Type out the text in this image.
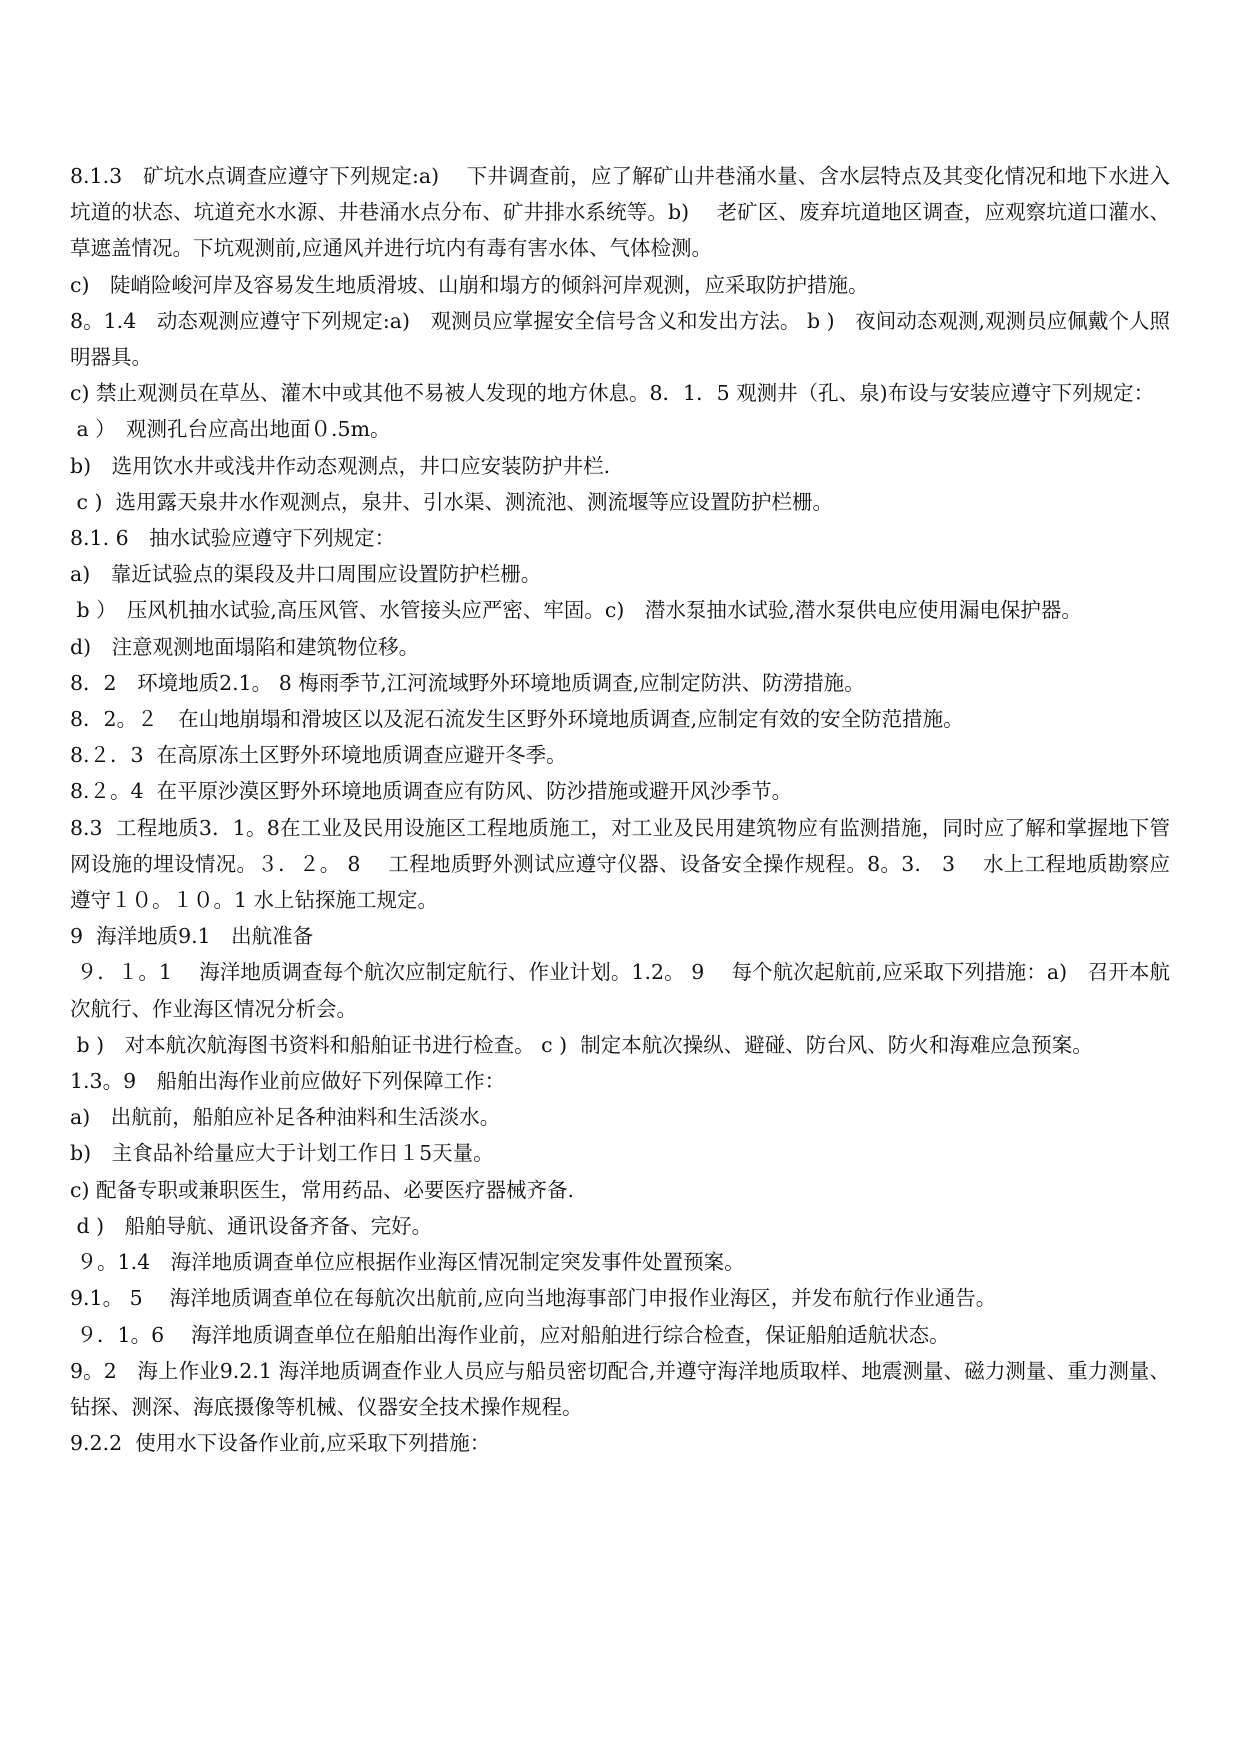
8.1.3　矿坑水点调查应遵守下列规定:a)　 下井调查前，应了解矿山井巷涌水量、含水层特点及其变化情况和地下水进入坑道的状态、坑道充水水源、井巷涌水点分布、矿井排水系统等。b)　 老矿区、废弃坑道地区调查，应观察坑道口灌水、草遮盖情况。下坑观测前,应通风并进行坑内有毒有害水体、气体检测。

c)　陡峭险峻河岸及容易发生地质滑坡、山崩和塌方的倾斜河岸观测，应采取防护措施。

8。1.4　动态观测应遵守下列规定:a)　观测员应掌握安全信号含义和发出方法。 b )　夜间动态观测,观测员应佩戴个人照明器具。

c) 禁止观测员在草丛、灌木中或其他不易被人发现的地方休息。8．1．5 观测井（孔、泉)布设与安装应遵守下列规定：

a ）　观测孔台应高出地面０.5m。

b)　选用饮水井或浅井作动态观测点，井口应安装防护井栏.

c )  选用露天泉井水作观测点，泉井、引水渠、测流池、测流堰等应设置防护栏栅。

8.1. 6　抽水试验应遵守下列规定：

a)　靠近试验点的渠段及井口周围应设置防护栏栅。

b ）　压风机抽水试验,高压风管、水管接头应严密、牢固。c)　潜水泵抽水试验,潜水泵供电应使用漏电保护器。

d)　注意观测地面塌陷和建筑物位移。

8．2　环境地质2.1。 8 梅雨季节,江河流域野外环境地质调查,应制定防洪、防涝措施。

8．2。２　在山地崩塌和滑坡区以及泥石流发生区野外环境地质调查,应制定有效的安全防范措施。

8.２．3  在高原冻土区野外环境地质调查应避开冬季。

8.２。4  在平原沙漠区野外环境地质调查应有防风、防沙措施或避开风沙季节。

8.3  工程地质3．1。8在工业及民用设施区工程地质施工，对工业及民用建筑物应有监测措施，同时应了解和掌握地下管网设施的埋设情况。３．２。 8　 工程地质野外测试应遵守仪器、设备安全操作规程。8。3.　3　 水上工程地质勘察应遵守１０。１０。1 水上钻探施工规定。

9  海洋地质9.1　出航准备

９．１。1　 海洋地质调查每个航次应制定航行、作业计划。1.2。 9　 每个航次起航前,应采取下列措施：a)　召开本航次航行、作业海区情况分析会。

b )　对本航次航海图书资料和船舶证书进行检查。 c )  制定本航次操纵、避碰、防台风、防火和海难应急预案。

1.3。9　船舶出海作业前应做好下列保障工作：

a)　出航前，船舶应补足各种油料和生活淡水。

b)　主食品补给量应大于计划工作日１5天量。

c) 配备专职或兼职医生，常用药品、必要医疗器械齐备.

d )　船舶导航、通讯设备齐备、完好。

９。1.4　海洋地质调查单位应根据作业海区情况制定突发事件处置预案。

9.1。 5　 海洋地质调查单位在每航次出航前,应向当地海事部门申报作业海区，并发布航行作业通告。

９．1。6　 海洋地质调查单位在船舶出海作业前，应对船舶进行综合检查，保证船舶适航状态。

9。2　海上作业9.2.1 海洋地质调查作业人员应与船员密切配合,并遵守海洋地质取样、地震测量、磁力测量、重力测量、钻探、测深、海底摄像等机械、仪器安全技术操作规程。

9.2.2  使用水下设备作业前,应采取下列措施：
